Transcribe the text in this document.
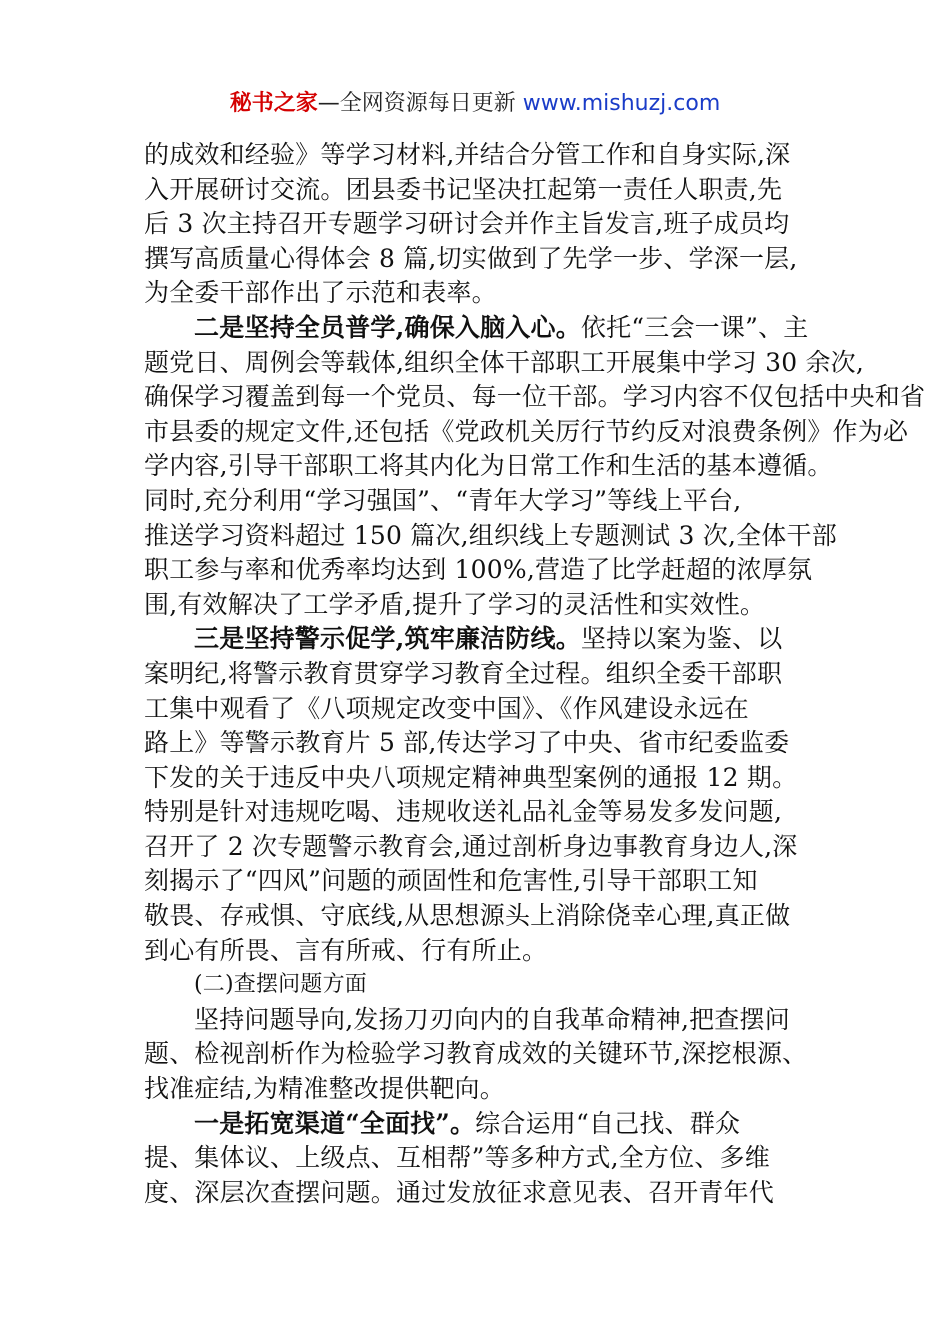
秘书之家—全网资源每日更新 www.mishuzj.com
的成效和经验》等学习材料,并结合分管工作和自身实际,深
入开展研讨交流。团县委书记坚决扛起第一责任人职责,先
后 3 次主持召开专题学习研讨会并作主旨发言,班子成员均
撰写高质量心得体会 8 篇,切实做到了先学一步、学深一层,
为全委干部作出了示范和表率。
二是坚持全员普学,确保入脑入心。依托“三会一课”、主
题党日、周例会等载体,组织全体干部职工开展集中学习 30 余次,
确保学习覆盖到每一个党员、每一位干部。学习内容不仅包括中央和省
市县委的规定文件,还包括《党政机关厉行节约反对浪费条例》作为必
学内容,引导干部职工将其内化为日常工作和生活的基本遵循。
同时,充分利用“学习强国”、“青年大学习”等线上平台,
推送学习资料超过 150 篇次,组织线上专题测试 3 次,全体干部
职工参与率和优秀率均达到 100%,营造了比学赶超的浓厚氛
围,有效解决了工学矛盾,提升了学习的灵活性和实效性。
三是坚持警示促学,筑牢廉洁防线。坚持以案为鉴、以
案明纪,将警示教育贯穿学习教育全过程。组织全委干部职
工集中观看了《八项规定改变中国》、《作风建设永远在
路上》等警示教育片 5 部,传达学习了中央、省市纪委监委
下发的关于违反中央八项规定精神典型案例的通报 12 期。
特别是针对违规吃喝、违规收送礼品礼金等易发多发问题,
召开了 2 次专题警示教育会,通过剖析身边事教育身边人,深
刻揭示了“四风”问题的顽固性和危害性,引导干部职工知
敬畏、存戒惧、守底线,从思想源头上消除侥幸心理,真正做
到心有所畏、言有所戒、行有所止。
(二)查摆问题方面
坚持问题导向,发扬刀刃向内的自我革命精神,把查摆问
题、检视剖析作为检验学习教育成效的关键环节,深挖根源、
找准症结,为精准整改提供靶向。
一是拓宽渠道“全面找”。综合运用“自己找、群众
提、集体议、上级点、互相帮”等多种方式,全方位、多维
度、深层次查摆问题。通过发放征求意见表、召开青年代
